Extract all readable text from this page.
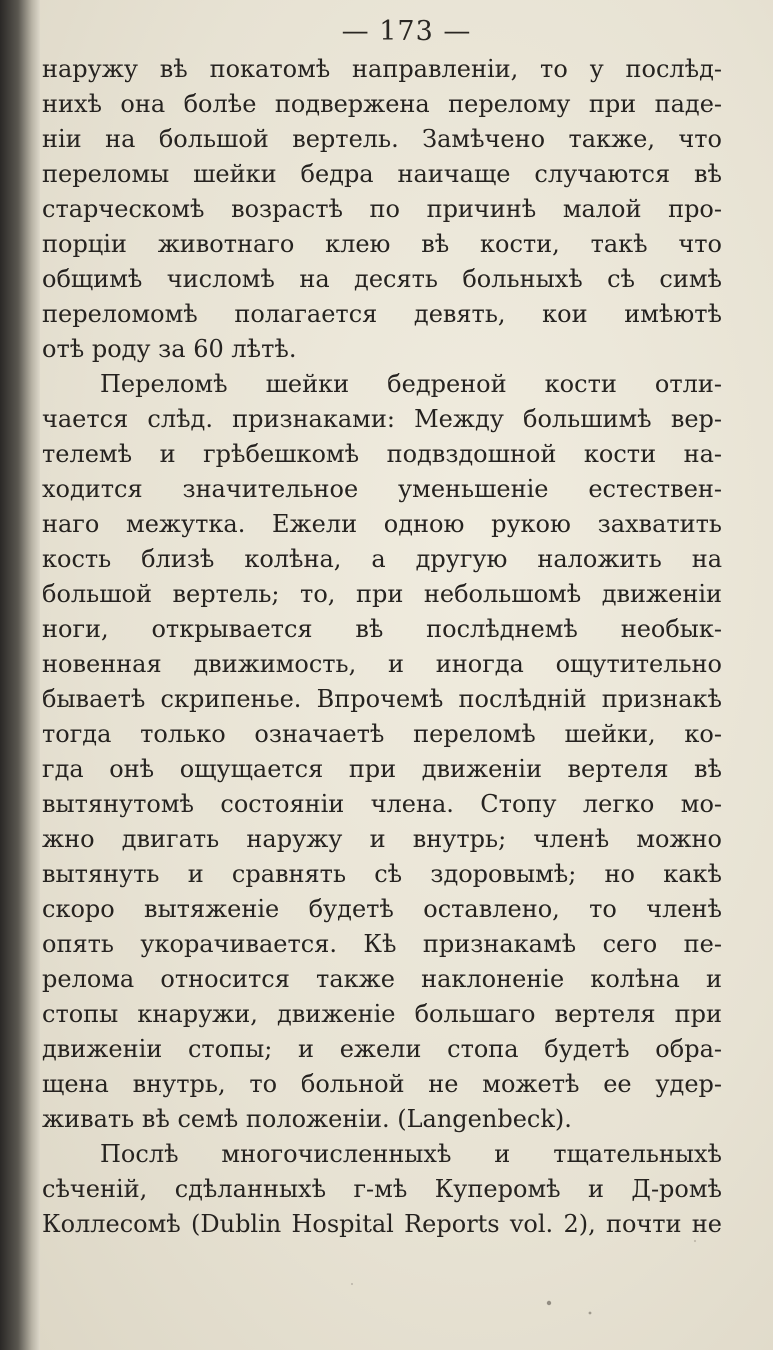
— 173 —
наружу вѣ покатомѣ направленіи, то у послѣд-
нихѣ она болѣе подвержена перелому при паде-
ніи на большой вертель. Замѣчено также, что
переломы шейки бедра наичаще случаются вѣ
старческомѣ возрастѣ по причинѣ малой про-
порціи животнаго клею вѣ кости, такѣ что
общимѣ числомѣ на десять больныхѣ сѣ симѣ
переломомѣ полагается девять, кои имѣютѣ
отѣ роду за 60 лѣтѣ.
Переломѣ шейки бедреной кости отли-
чается слѣд. признаками: Между большимѣ вер-
телемѣ и грѣбешкомѣ подвздошной кости на-
ходится значительное уменьшеніе естествен-
наго межутка. Ежели одною рукою захватить
кость близѣ колѣна, а другую наложить на
большой вертель; то, при небольшомѣ движеніи
ноги, открывается вѣ послѣднемѣ необык-
новенная движимость, и иногда ощутительно
бываетѣ скрипенье. Впрочемѣ послѣдній признакѣ
тогда только означаетѣ переломѣ шейки, ко-
гда онѣ ощущается при движеніи вертеля вѣ
вытянутомѣ состояніи члена. Стопу легко мо-
жно двигать наружу и внутрь; членѣ можно
вытянуть и сравнять сѣ здоровымѣ; но какѣ
скоро вытяженіе будетѣ оставлено, то членѣ
опять укорачивается. Кѣ признакамѣ сего пе-
релома относится также наклоненіе колѣна и
стопы кнаружи, движеніе большаго вертеля при
движеніи стопы; и ежели стопа будетѣ обра-
щена внутрь, то больной не можетѣ ее удер-
живать вѣ семѣ положеніи. (Langenbeck).
Послѣ многочисленныхѣ и тщательныхѣ
сѣченій, сдѣланныхѣ г-мѣ Куперомѣ и Д-ромѣ
Коллесомѣ (Dublin Hospital Reports vol. 2), почти не
